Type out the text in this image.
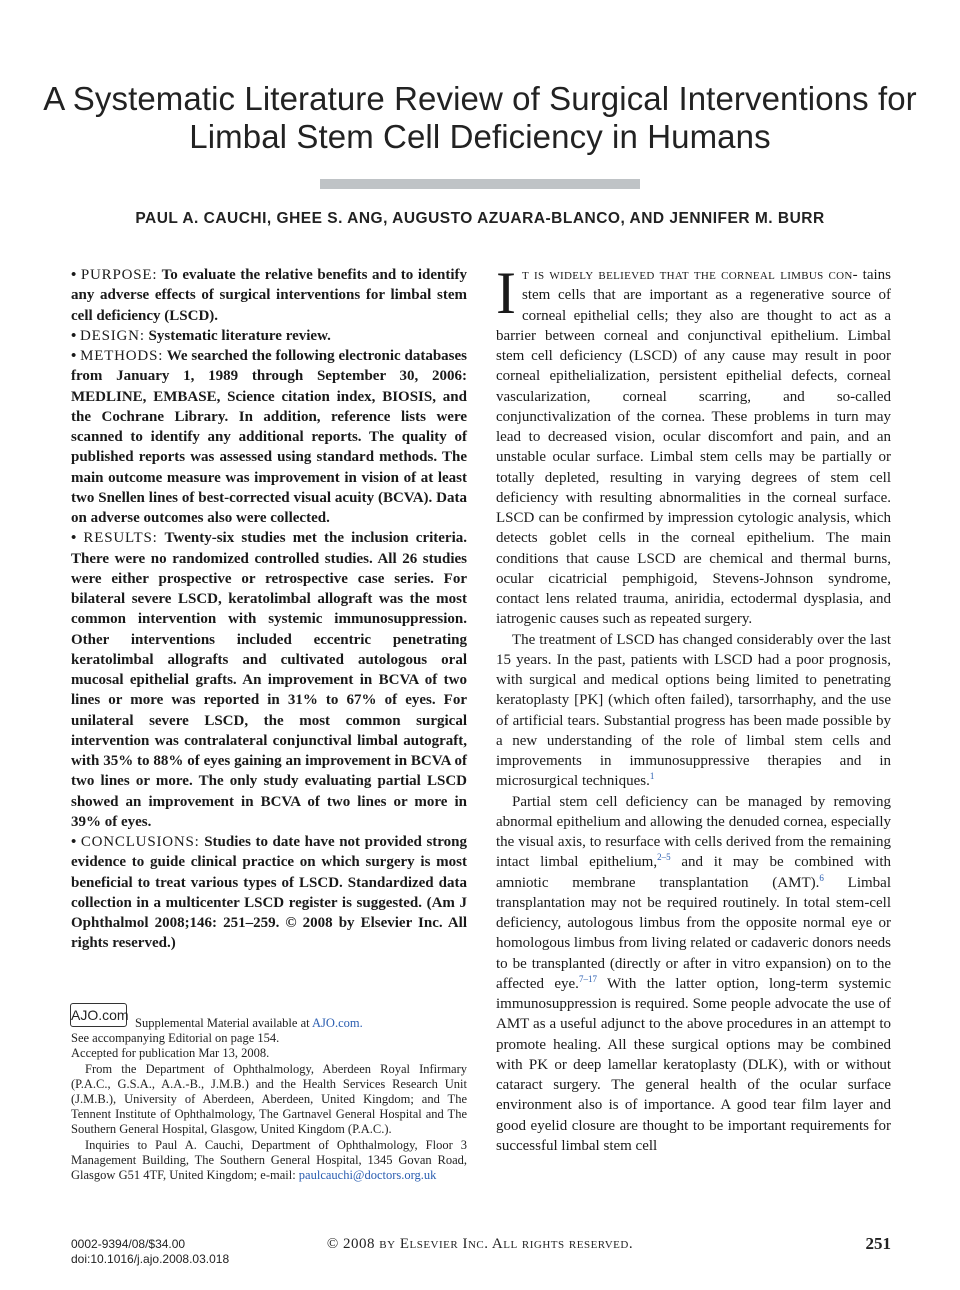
A Systematic Literature Review of Surgical Interventions for Limbal Stem Cell Deficiency in Humans
PAUL A. CAUCHI, GHEE S. ANG, AUGUSTO AZUARA-BLANCO, AND JENNIFER M. BURR

• PURPOSE: To evaluate the relative benefits and to identify any adverse effects of surgical interventions for limbal stem cell deficiency (LSCD).

• DESIGN: Systematic literature review.

• METHODS: We searched the following electronic databases from January 1, 1989 through September 30, 2006: MEDLINE, EMBASE, Science citation index, BIOSIS, and the Cochrane Library. In addition, reference lists were scanned to identify any additional reports. The quality of published reports was assessed using standard methods. The main outcome measure was improvement in vision of at least two Snellen lines of best-corrected visual acuity (BCVA). Data on adverse outcomes also were collected.

• RESULTS: Twenty-six studies met the inclusion criteria. There were no randomized controlled studies. All 26 studies were either prospective or retrospective case series. For bilateral severe LSCD, keratolimbal allograft was the most common intervention with systemic immunosuppression. Other interventions included eccentric penetrating keratolimbal allografts and cultivated autologous oral mucosal epithelial grafts. An improvement in BCVA of two lines or more was reported in 31% to 67% of eyes. For unilateral severe LSCD, the most common surgical intervention was contralateral conjunctival limbal autograft, with 35% to 88% of eyes gaining an improvement in BCVA of two lines or more. The only study evaluating partial LSCD showed an improvement in BCVA of two lines or more in 39% of eyes.

• CONCLUSIONS: Studies to date have not provided strong evidence to guide clinical practice on which surgery is most beneficial to treat various types of LSCD. Standardized data collection in a multicenter LSCD register is suggested. (Am J Ophthalmol 2008;146: 251–259. © 2008 by Elsevier Inc. All rights reserved.)

AJO.com Supplemental Material available at AJO.com.

See accompanying Editorial on page 154.

Accepted for publication Mar 13, 2008.

From the Department of Ophthalmology, Aberdeen Royal Infirmary (P.A.C., G.S.A., A.A.-B., J.M.B.) and the Health Services Research Unit (J.M.B.), University of Aberdeen, Aberdeen, United Kingdom; and The Tennent Institute of Ophthalmology, The Gartnavel General Hospital and The Southern General Hospital, Glasgow, United Kingdom (P.A.C.).

Inquiries to Paul A. Cauchi, Department of Ophthalmology, Floor 3 Management Building, The Southern General Hospital, 1345 Govan Road, Glasgow G51 4TF, United Kingdom; e-mail: paulcauchi@doctors.org.uk

It is widely believed that the corneal limbus con- tains stem cells that are important as a regenerative source of corneal epithelial cells; they also are thought to act as a barrier between corneal and conjunctival epithelium. Limbal stem cell deficiency (LSCD) of any cause may result in poor corneal epithelialization, persistent epithelial defects, corneal vascularization, corneal scarring, and so-called conjunctivalization of the cornea. These problems in turn may lead to decreased vision, ocular discomfort and pain, and an unstable ocular surface. Limbal stem cells may be partially or totally depleted, resulting in varying degrees of stem cell deficiency with resulting abnormalities in the corneal surface. LSCD can be confirmed by impression cytologic analysis, which detects goblet cells in the corneal epithelium. The main conditions that cause LSCD are chemical and thermal burns, ocular cicatricial pemphigoid, Stevens-Johnson syndrome, contact lens related trauma, aniridia, ectodermal dysplasia, and iatrogenic causes such as repeated surgery.

The treatment of LSCD has changed considerably over the last 15 years. In the past, patients with LSCD had a poor prognosis, with surgical and medical options being limited to penetrating keratoplasty [PK] (which often failed), tarsorrhaphy, and the use of artificial tears. Substantial progress has been made possible by a new understanding of the role of limbal stem cells and improvements in immunosuppressive therapies and in microsurgical techniques.$^1$

Partial stem cell deficiency can be managed by removing abnormal epithelium and allowing the denuded cornea, especially the visual axis, to resurface with cells derived from the remaining intact limbal epithelium,$^{2-5}$ and it may be combined with amniotic membrane transplantation (AMT).$^6$ Limbal transplantation may not be required routinely. In total stem-cell deficiency, autologous limbus from the opposite normal eye or homologous limbus from living related or cadaveric donors needs to be transplanted (directly or after in vitro expansion) on to the affected eye.$^{7-17}$ With the latter option, long-term systemic immunosuppression is required. Some people advocate the use of AMT as a useful adjunct to the above procedures in an attempt to promote healing. All these surgical options may be combined with PK or deep lamellar keratoplasty (DLK), with or without cataract surgery. The general health of the ocular surface environment also is of importance. A good tear film layer and good eyelid closure are thought to be important requirements for successful limbal stem cell

0002-9394/08/$34.00
doi:10.1016/j.ajo.2008.03.018
© 2008 by Elsevier Inc. All rights reserved.	251
